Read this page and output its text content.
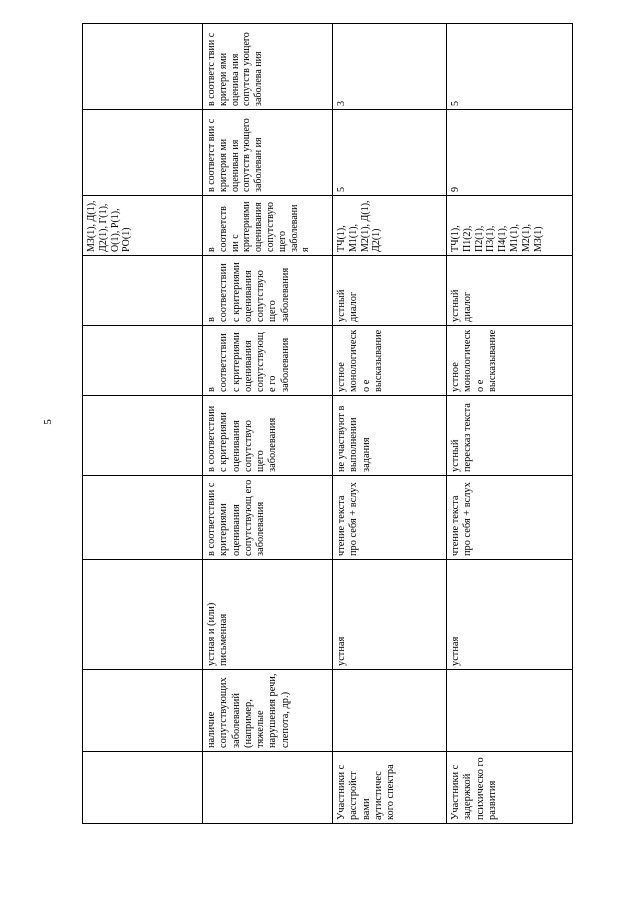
5
							МЗ(1), Д(1), Д2(1), Г(1), О(1), Р(1), РО(1)		
	наличие сопутствующих заболеваний (например, тяжелые нарушения речи, слепота, др.)	устная и (или) письменная	в соответствии с критериями оценивания сопутствующ его заболевания	в соответствии с критериями оценивания сопутствую щего заболевания	в соответствии с критериями оценивания сопутствующе го заболевания	в соответствии с критериями оценивания сопутствую щего заболевания	в соответств ии с критериями оценивания сопутствую щего заболевани я	в соответст вии с критерия ми оцениван ия сопутств ующего заболеван ия	в соответс твии с критери ями оценива ния сопутств ующего заболева ния
Участники с расстройст вами аутистичес кого спектра		устная	чтение текста про себя + вслух	не участвуют в выполнении задания	устное монологическо е высказывание	устный диалог	ТЧ(1), М1(1), М2(1), Д(1), Д2(1)	5	3
Участники с задержкой психическо го развития		устная	чтение текста про себя + вслух	устный пересказ текста	устное монологическо е высказывание	устный диалог	ТЧ(1), П1(2), П2(1), П3(1), П4(1), М1(1), М2(1), МЗ(1)	9	5
